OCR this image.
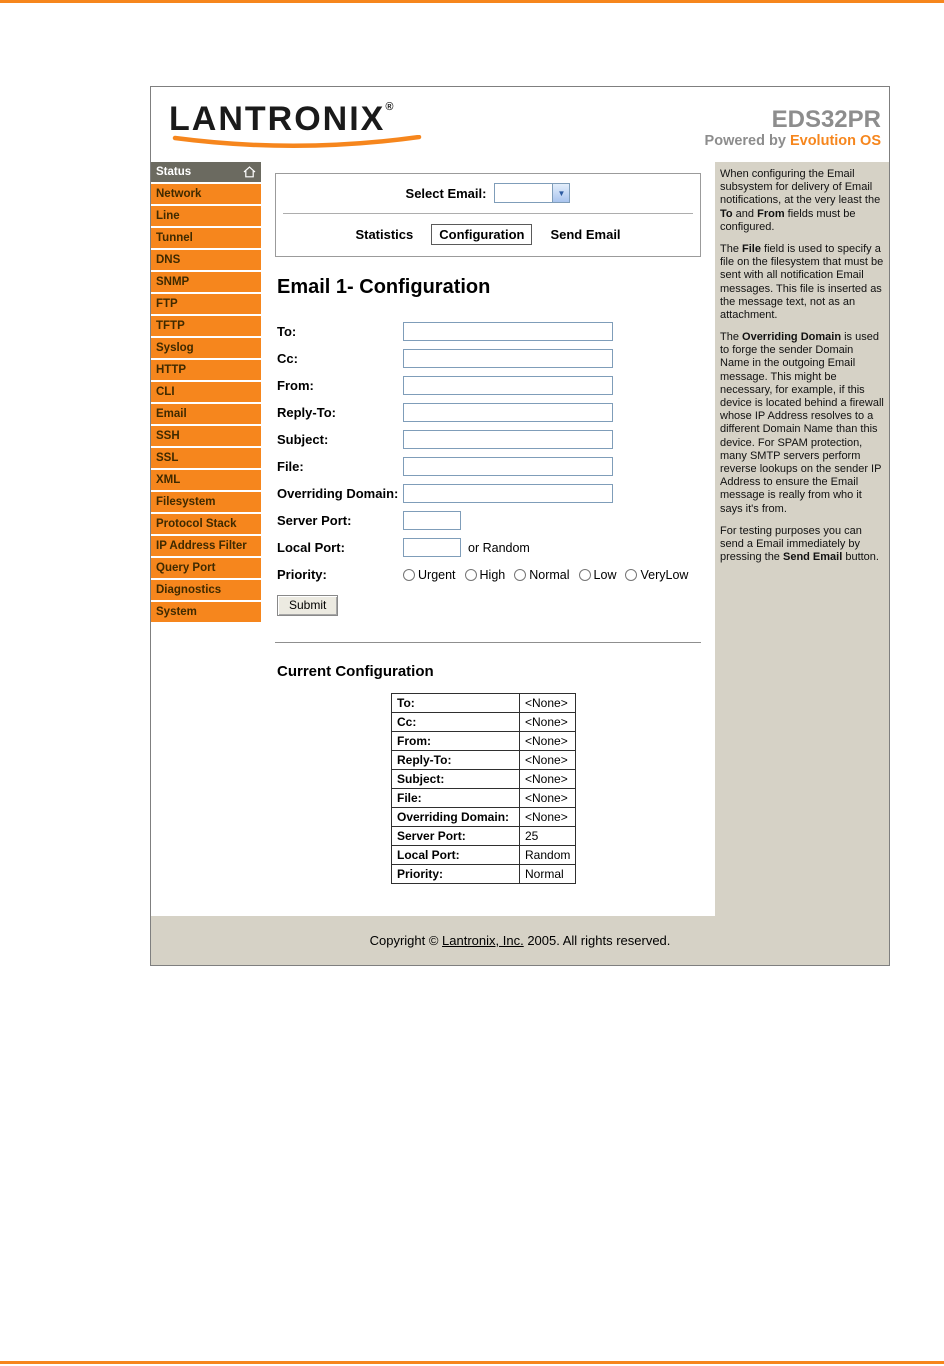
LANTRONIX®	EDS32PR
Powered by Evolution OS
Status
Network
Line
Tunnel
DNS
SNMP
FTP
TFTP
Syslog
HTTP
CLI
Email
SSH
SSL
XML
Filesystem
Protocol Stack
IP Address Filter
Query Port
Diagnostics
System
Select Email:	▼
Statistics	Configuration	Send Email
Email 1- Configuration
To:
Cc:
From:
Reply-To:
Subject:
File:
Overriding Domain:
Server Port:
Local Port:	or Random
Priority:	Urgent High Normal Low VeryLow
Submit
Current Configuration
To:	<None>
Cc:	<None>
From:	<None>
Reply-To:	<None>
Subject:	<None>
File:	<None>
Overriding Domain:	<None>
Server Port:	25
Local Port:	Random
Priority:	Normal

When configuring the Email subsystem for delivery of Email notifications, at the very least the To and From fields must be configured.

The File field is used to specify a file on the filesystem that must be sent with all notification Email messages. This file is inserted as the message text, not as an attachment.

The Overriding Domain is used to forge the sender Domain Name in the outgoing Email message. This might be necessary, for example, if this device is located behind a firewall whose IP Address resolves to a different Domain Name than this device. For SPAM protection, many SMTP servers perform reverse lookups on the sender IP Address to ensure the Email message is really from who it says it's from.

For testing purposes you can send a Email immediately by pressing the Send Email button.

Copyright © Lantronix, Inc. 2005. All rights reserved.
